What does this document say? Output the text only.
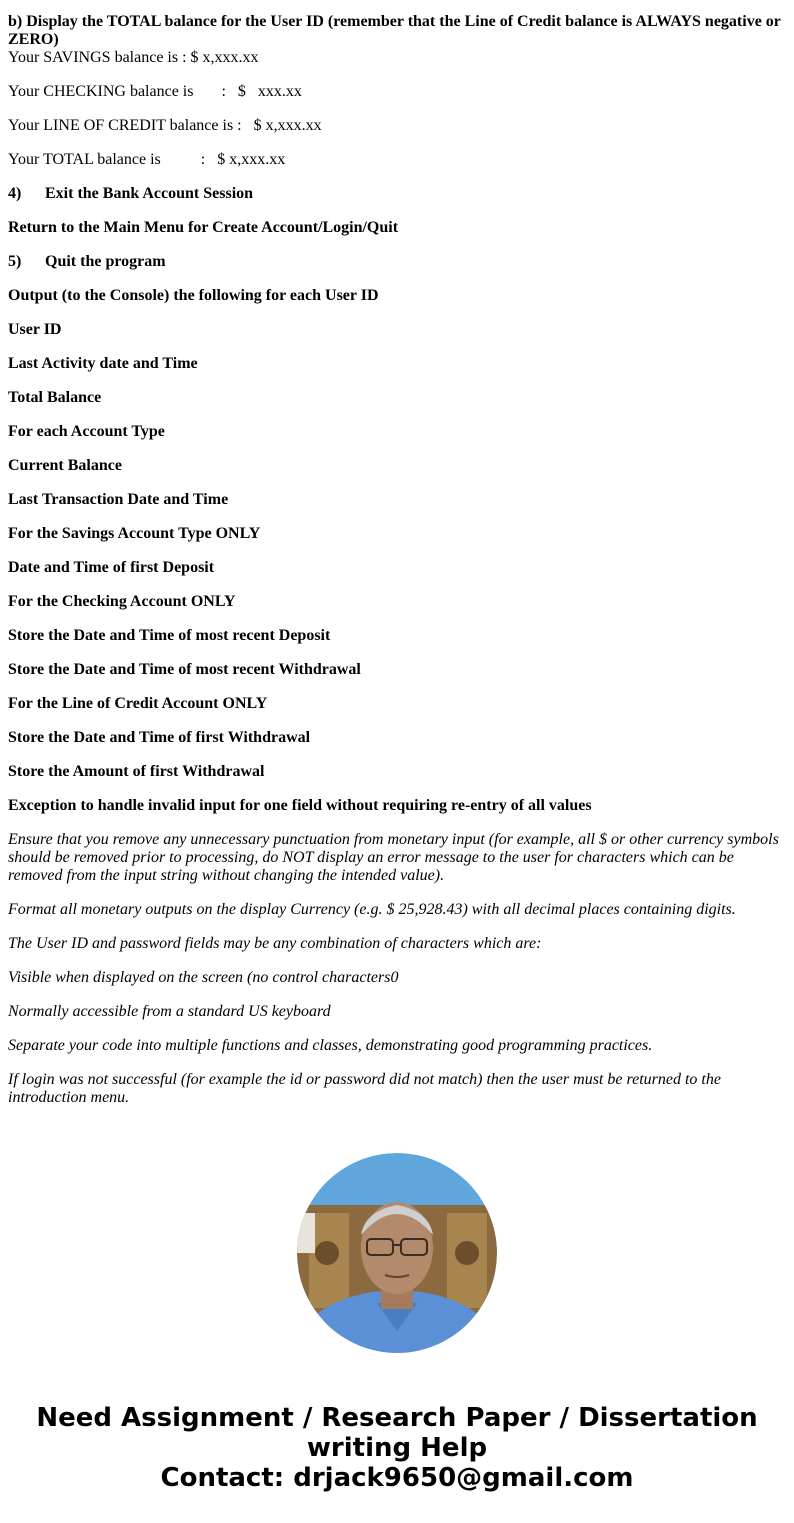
b) Display the TOTAL balance for the User ID (remember that the Line of Credit balance is ALWAYS negative or ZERO)

Your SAVINGS balance is : $ x,xxx.xx

Your CHECKING balance is       :   $   xxx.xx

Your LINE OF CREDIT balance is :   $ x,xxx.xx

Your TOTAL balance is          :   $ x,xxx.xx

4) Exit the Bank Account Session

Return to the Main Menu for Create Account/Login/Quit

5) Quit the program

Output (to the Console) the following for each User ID

User ID

Last Activity date and Time

Total Balance

For each Account Type

Current Balance

Last Transaction Date and Time

For the Savings Account Type ONLY

Date and Time of first Deposit

For the Checking Account ONLY

Store the Date and Time of most recent Deposit

Store the Date and Time of most recent Withdrawal

For the Line of Credit Account ONLY

Store the Date and Time of first Withdrawal

Store the Amount of first Withdrawal

Exception to handle invalid input for one field without requiring re-entry of all values

Ensure that you remove any unnecessary punctuation from monetary input (for example, all $ or other currency symbols should be removed prior to processing, do NOT display an error message to the user for characters which can be removed from the input string without changing the intended value).

Format all monetary outputs on the display Currency (e.g. $ 25,928.43) with all decimal places containing digits.

The User ID and password fields may be any combination of characters which are:

Visible when displayed on the screen (no control characters0

Normally accessible from a standard US keyboard

Separate your code into multiple functions and classes, demonstrating good programming practices.

If login was not successful (for example the id or password did not match) then the user must be returned to the introduction menu.

Need Assignment / Research Paper / Dissertation
writing Help
Contact: drjack9650@gmail.com
